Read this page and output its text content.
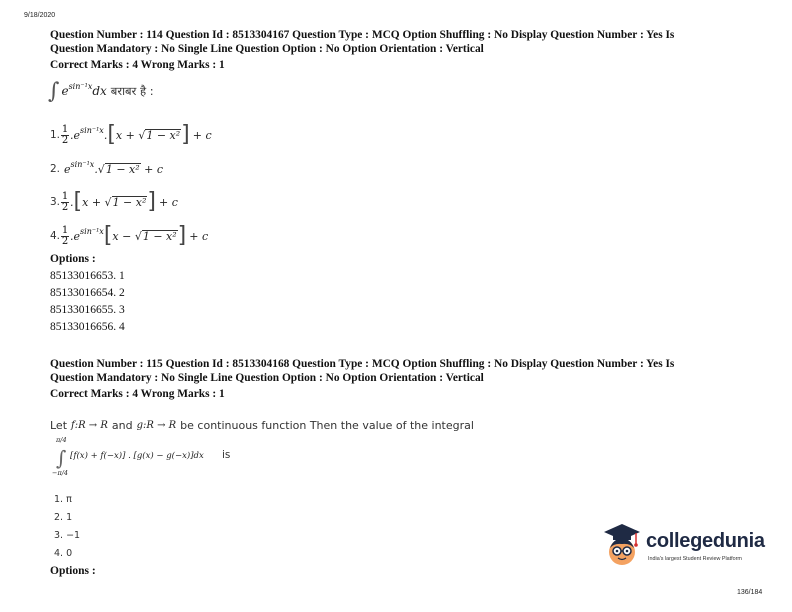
9/18/2020
Question Number : 114 Question Id : 8513304167 Question Type : MCQ Option Shuffling : No Display Question Number : Yes Is
Question Mandatory : No Single Line Question Option : No Option Orientation : Vertical
Correct Marks : 4 Wrong Marks : 1
∫ e sin⁻¹x dx बराबर है :
1. $\frac{1}{2} .e$ sin⁻¹x . [ x + √1 − x² ] + c
2. e sin⁻¹x .√1 − x² + c
3. $\frac{1}{2}$ . [ x + √1 − x² ] + c
4. $\frac{1}{2} .e$ sin⁻¹x [ x − √1 − x² ] + c
Options :
85133016653. 1
85133016654. 2
85133016655. 3
85133016656. 4
Question Number : 115 Question Id : 8513304168 Question Type : MCQ Option Shuffling : No Display Question Number : Yes Is
Question Mandatory : No Single Line Question Option : No Option Orientation : Vertical
Correct Marks : 4 Wrong Marks : 1
Let f:R → R and g:R → R be continuous function Then the value of the integral
π/4
∫
−π/4
[f(x) + f(−x)] . [g(x) − g(−x)]dx is
1. π
2. 1
3. −1
4. 0
Options :
collegedunia
India's largest Student Review Platform
136/184
